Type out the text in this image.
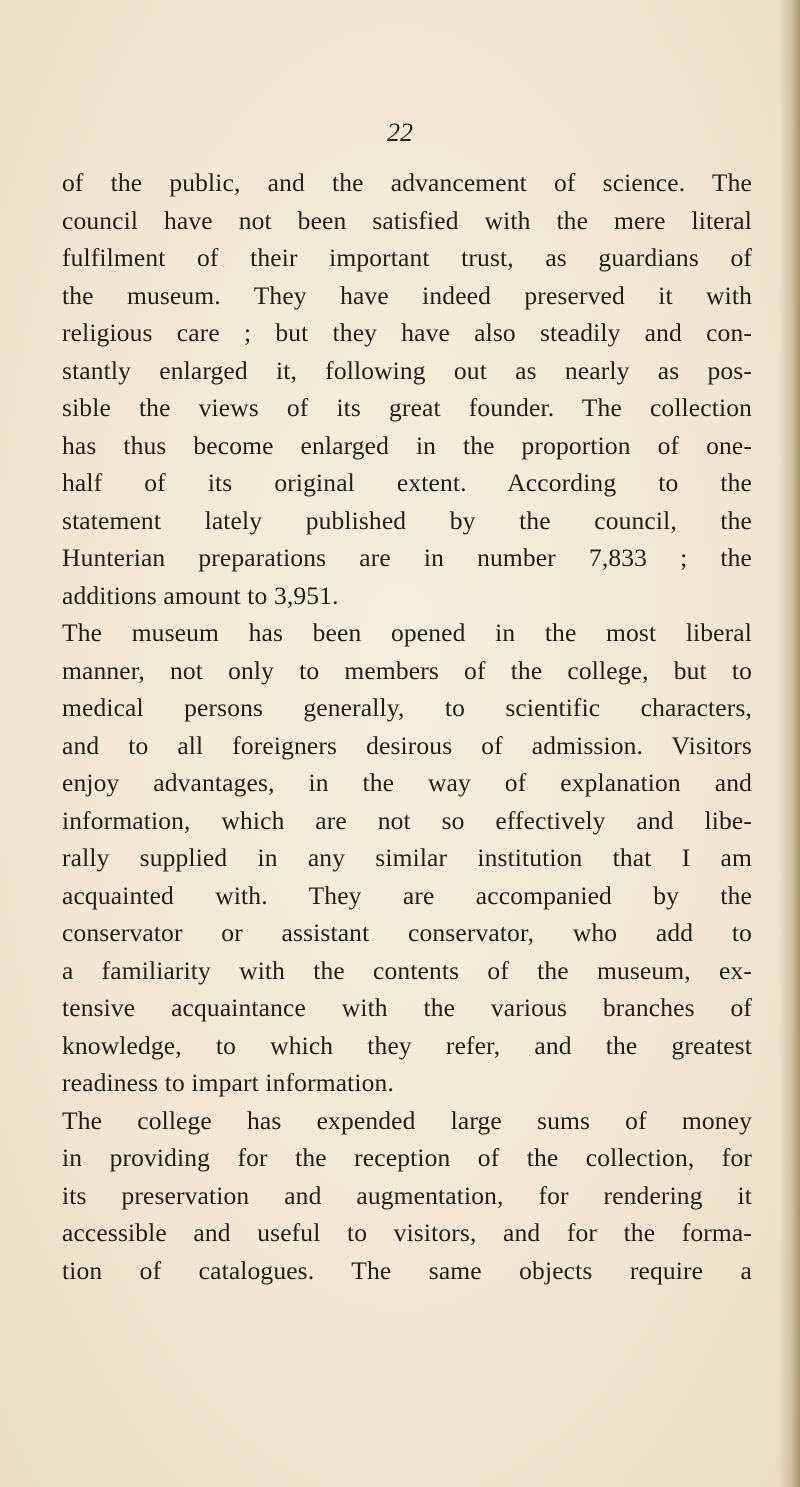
22
of the public, and the advancement of science. The
council have not been satisfied with the mere literal
fulfilment of their important trust, as guardians of
the museum. They have indeed preserved it with
religious care ; but they have also steadily and con-
stantly enlarged it, following out as nearly as pos-
sible the views of its great founder. The collection
has thus become enlarged in the proportion of one-
half of its original extent. According to the
statement lately published by the council, the
Hunterian preparations are in number 7,833 ; the
additions amount to 3,951.
The museum has been opened in the most liberal
manner, not only to members of the college, but to
medical persons generally, to scientific characters,
and to all foreigners desirous of admission. Visitors
enjoy advantages, in the way of explanation and
information, which are not so effectively and libe-
rally supplied in any similar institution that I am
acquainted with. They are accompanied by the
conservator or assistant conservator, who add to
a familiarity with the contents of the museum, ex-
tensive acquaintance with the various branches of
knowledge, to which they refer, and the greatest
readiness to impart information.
The college has expended large sums of money
in providing for the reception of the collection, for
its preservation and augmentation, for rendering it
accessible and useful to visitors, and for the forma-
tion of catalogues. The same objects require a
